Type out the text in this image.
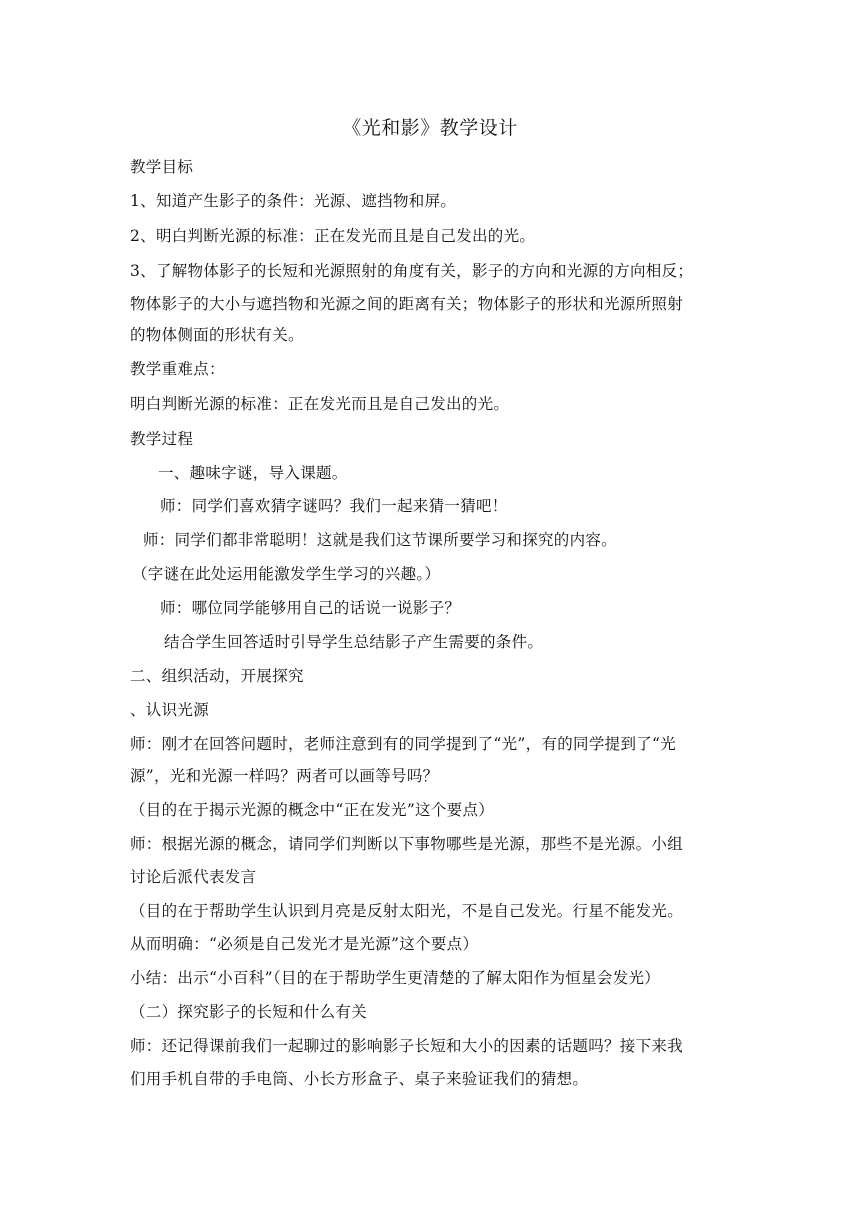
《光和影》教学设计
教学目标
1、知道产生影子的条件：光源、遮挡物和屏。
2、明白判断光源的标准：正在发光而且是自己发出的光。
3、了解物体影子的长短和光源照射的角度有关，影子的方向和光源的方向相反；
物体影子的大小与遮挡物和光源之间的距离有关；物体影子的形状和光源所照射
的物体侧面的形状有关。
教学重难点：
明白判断光源的标准：正在发光而且是自己发出的光。
教学过程
一、趣味字谜，导入课题。
师：同学们喜欢猜字谜吗？我们一起来猜一猜吧！
师：同学们都非常聪明！这就是我们这节课所要学习和探究的内容。
（字谜在此处运用能激发学生学习的兴趣。）
师：哪位同学能够用自己的话说一说影子？
结合学生回答适时引导学生总结影子产生需要的条件。
二、组织活动，开展探究
、认识光源
师：刚才在回答问题时，老师注意到有的同学提到了“光”，有的同学提到了“光
源”，光和光源一样吗？两者可以画等号吗？
（目的在于揭示光源的概念中“正在发光”这个要点）
师：根据光源的概念，请同学们判断以下事物哪些是光源，那些不是光源。小组
讨论后派代表发言
（目的在于帮助学生认识到月亮是反射太阳光，不是自己发光。行星不能发光。
从而明确：“必须是自己发光才是光源”这个要点）
小结：出示“小百科”（目的在于帮助学生更清楚的了解太阳作为恒星会发光）
（二）探究影子的长短和什么有关
师：还记得课前我们一起聊过的影响影子长短和大小的因素的话题吗？接下来我
们用手机自带的手电筒、小长方形盒子、桌子来验证我们的猜想。
